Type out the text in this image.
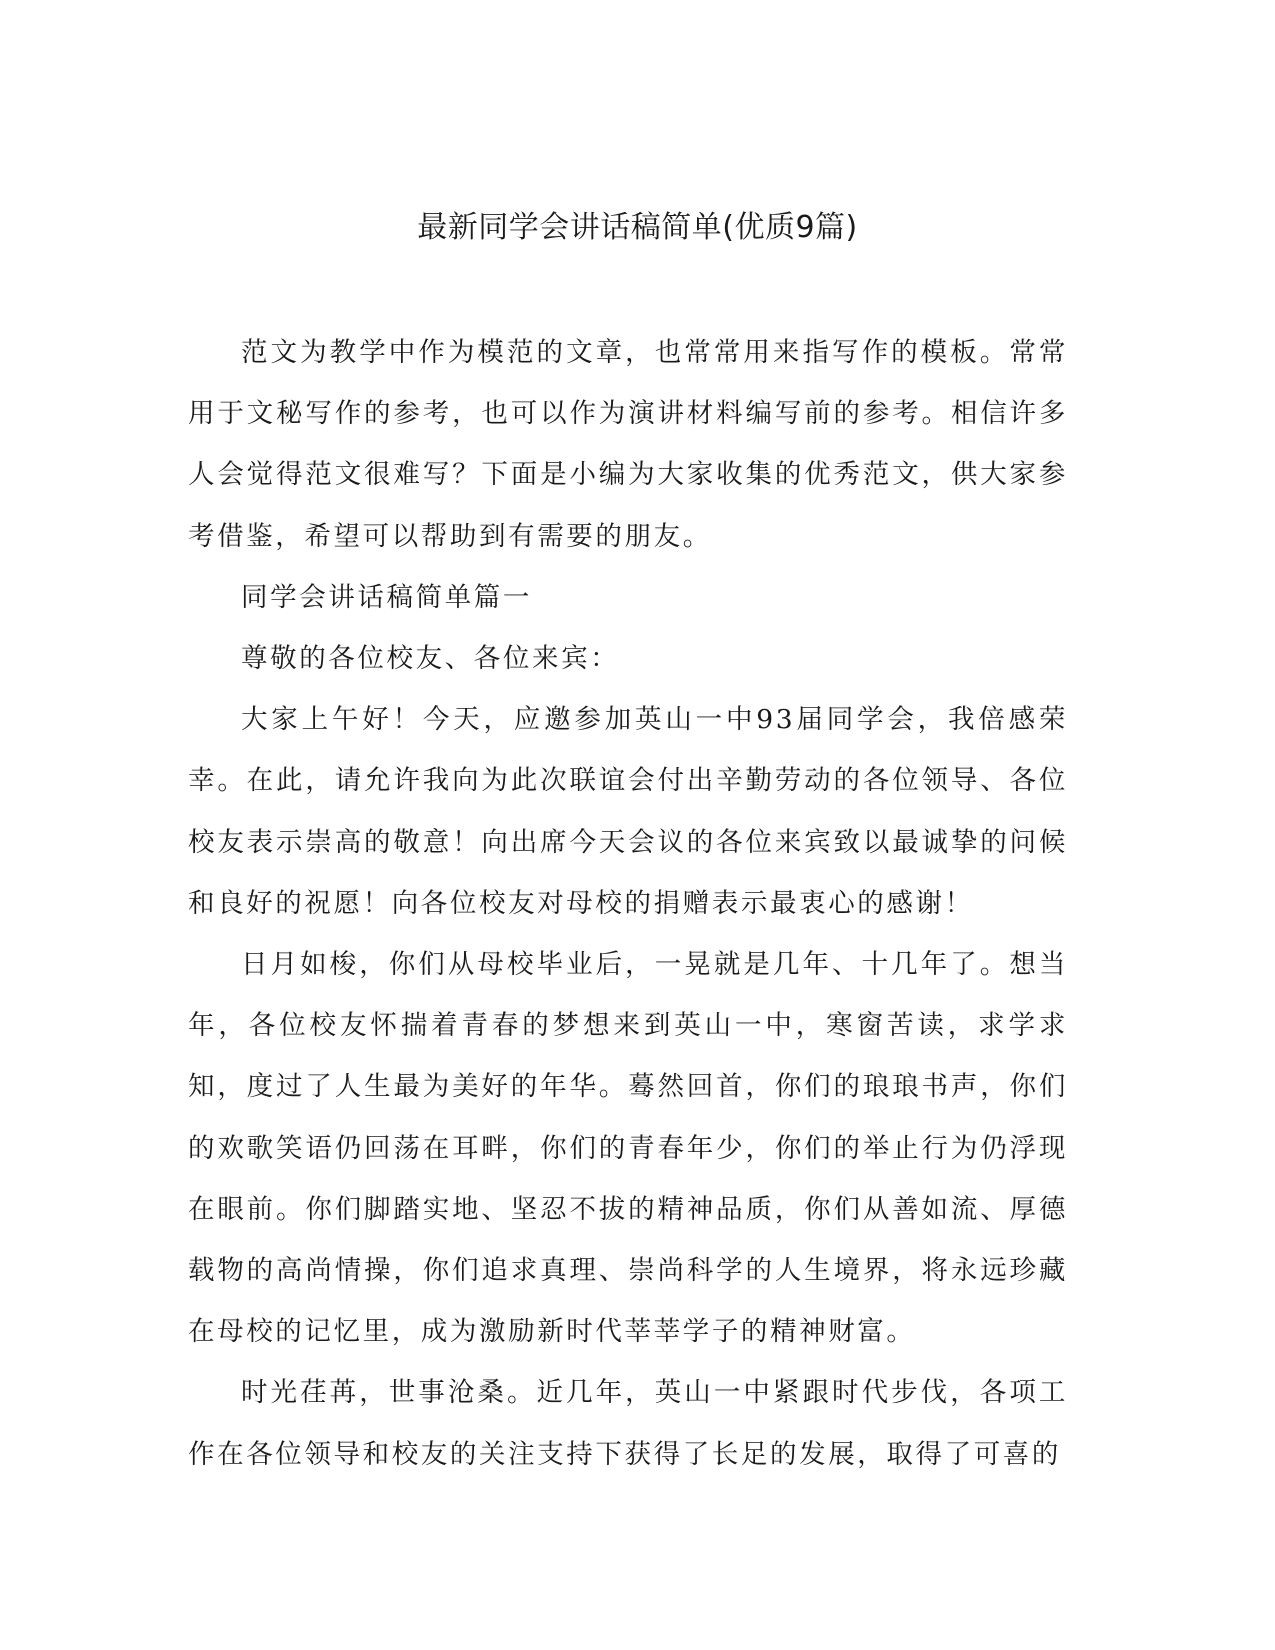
最新同学会讲话稿简单(优质9篇)

范文为教学中作为模范的文章，也常常用来指写作的模板。常常用于文秘写作的参考，也可以作为演讲材料编写前的参考。相信许多人会觉得范文很难写？下面是小编为大家收集的优秀范文，供大家参考借鉴，希望可以帮助到有需要的朋友。

同学会讲话稿简单篇一

尊敬的各位校友、各位来宾：

大家上午好！今天，应邀参加英山一中93届同学会，我倍感荣幸。在此，请允许我向为此次联谊会付出辛勤劳动的各位领导、各位校友表示崇高的敬意！向出席今天会议的各位来宾致以最诚挚的问候和良好的祝愿！向各位校友对母校的捐赠表示最衷心的感谢！

日月如梭，你们从母校毕业后，一晃就是几年、十几年了。想当年，各位校友怀揣着青春的梦想来到英山一中，寒窗苦读，求学求知，度过了人生最为美好的年华。蓦然回首，你们的琅琅书声，你们的欢歌笑语仍回荡在耳畔，你们的青春年少，你们的举止行为仍浮现在眼前。你们脚踏实地、坚忍不拔的精神品质，你们从善如流、厚德载物的高尚情操，你们追求真理、崇尚科学的人生境界，将永远珍藏在母校的记忆里，成为激励新时代莘莘学子的精神财富。

时光荏苒，世事沧桑。近几年，英山一中紧跟时代步伐，各项工作在各位领导和校友的关注支持下获得了长足的发展，取得了可喜的
